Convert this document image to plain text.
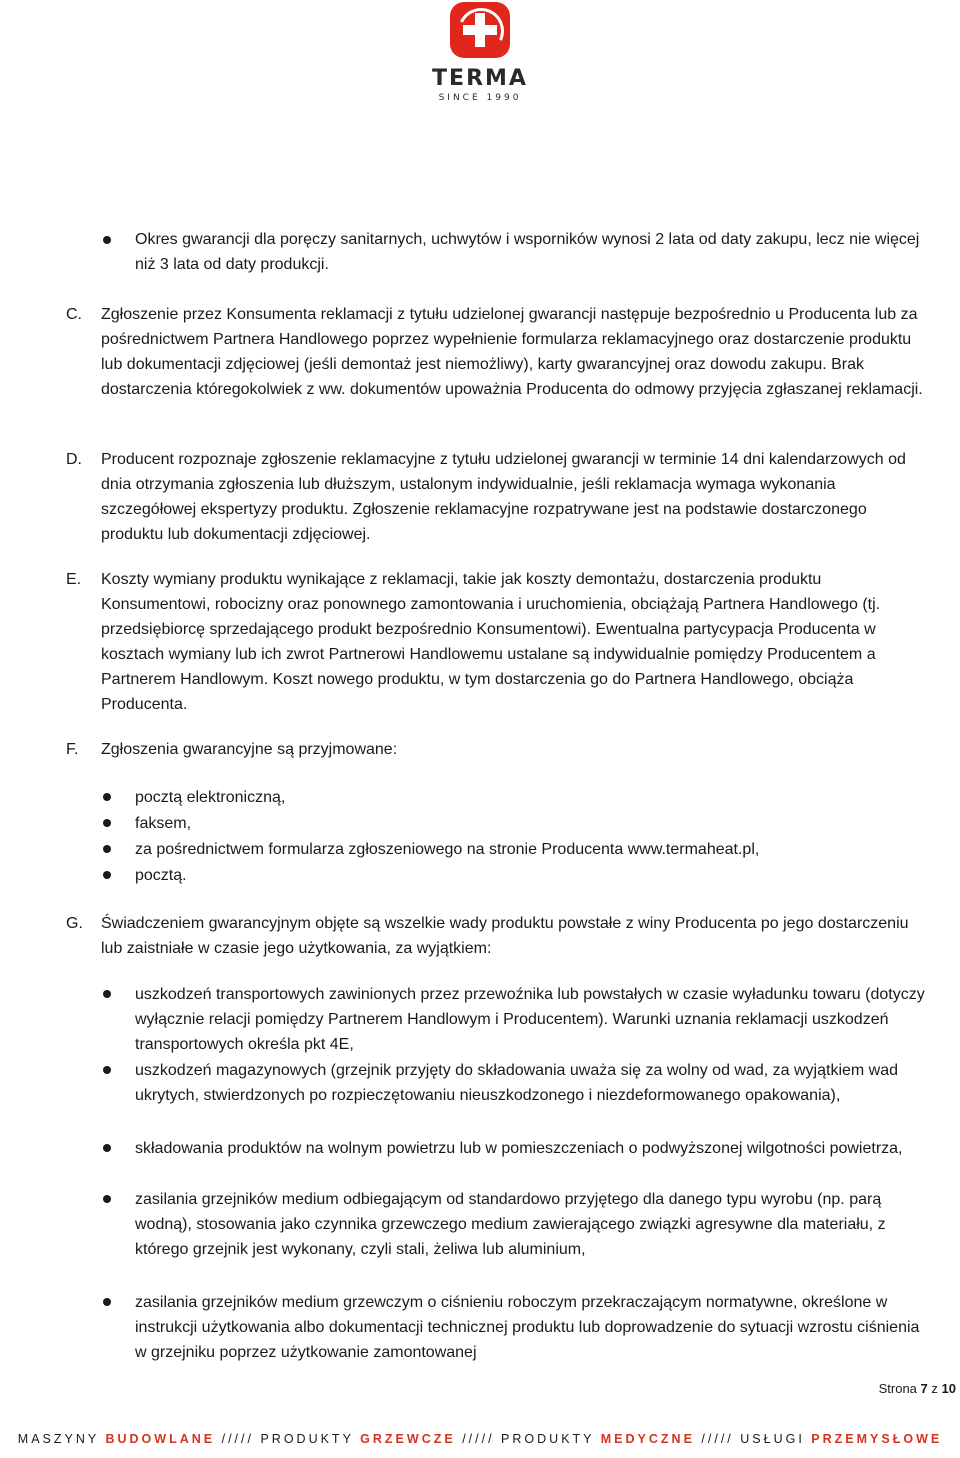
TERMA
SINCE 1990
Okres gwarancji dla poręczy sanitarnych, uchwytów i wsporników wynosi 2 lata od daty zakupu, lecz nie więcej niż 3 lata od daty produkcji.
C. Zgłoszenie przez Konsumenta reklamacji z tytułu udzielonej gwarancji następuje bezpośrednio u Producenta lub za pośrednictwem Partnera Handlowego poprzez wypełnienie formularza reklamacyjnego oraz dostarczenie produktu lub dokumentacji zdjęciowej (jeśli demontaż jest niemożliwy), karty gwarancyjnej oraz dowodu zakupu. Brak dostarczenia któregokolwiek z ww. dokumentów upoważnia Producenta do odmowy przyjęcia zgłaszanej reklamacji.
D. Producent rozpoznaje zgłoszenie reklamacyjne z tytułu udzielonej gwarancji w terminie 14 dni kalendarzowych od dnia otrzymania zgłoszenia lub dłuższym, ustalonym indywidualnie, jeśli reklamacja wymaga wykonania szczegółowej ekspertyzy produktu. Zgłoszenie reklamacyjne rozpatrywane jest na podstawie dostarczonego produktu lub dokumentacji zdjęciowej.
E. Koszty wymiany produktu wynikające z reklamacji, takie jak koszty demontażu, dostarczenia produktu Konsumentowi, robocizny oraz ponownego zamontowania i uruchomienia, obciążają Partnera Handlowego (tj. przedsiębiorcę sprzedającego produkt bezpośrednio Konsumentowi). Ewentualna partycypacja Producenta w kosztach wymiany lub ich zwrot Partnerowi Handlowemu ustalane są indywidualnie pomiędzy Producentem a Partnerem Handlowym. Koszt nowego produktu, w tym dostarczenia go do Partnera Handlowego, obciąża Producenta.
F. Zgłoszenia gwarancyjne są przyjmowane:
pocztą elektroniczną,
faksem,
za pośrednictwem formularza zgłoszeniowego na stronie Producenta www.termaheat.pl,
pocztą.
G. Świadczeniem gwarancyjnym objęte są wszelkie wady produktu powstałe z winy Producenta po jego dostarczeniu lub zaistniałe w czasie jego użytkowania, za wyjątkiem:
uszkodzeń transportowych zawinionych przez przewoźnika lub powstałych w czasie wyładunku towaru (dotyczy wyłącznie relacji pomiędzy Partnerem Handlowym i Producentem). Warunki uznania reklamacji uszkodzeń transportowych określa pkt 4E,
uszkodzeń magazynowych (grzejnik przyjęty do składowania uważa się za wolny od wad, za wyjątkiem wad ukrytych, stwierdzonych po rozpieczętowaniu nieuszkodzonego i niezdeformowanego opakowania),
składowania produktów na wolnym powietrzu lub w pomieszczeniach o podwyższonej wilgotności powietrza,
zasilania grzejników medium odbiegającym od standardowo przyjętego dla danego typu wyrobu (np. parą wodną), stosowania jako czynnika grzewczego medium zawierającego związki agresywne dla materiału, z którego grzejnik jest wykonany, czyli stali, żeliwa lub aluminium,
zasilania grzejników medium grzewczym o ciśnieniu roboczym przekraczającym normatywne, określone w instrukcji użytkowania albo dokumentacji technicznej produktu lub doprowadzenie do sytuacji wzrostu ciśnienia w grzejniku poprzez użytkowanie zamontowanej
Strona 7 z 10
MASZYNY BUDOWLANE ///// PRODUKTY GRZEWCZE ///// PRODUKTY MEDYCZNE ///// USŁUGI PRZEMYSŁOWE
